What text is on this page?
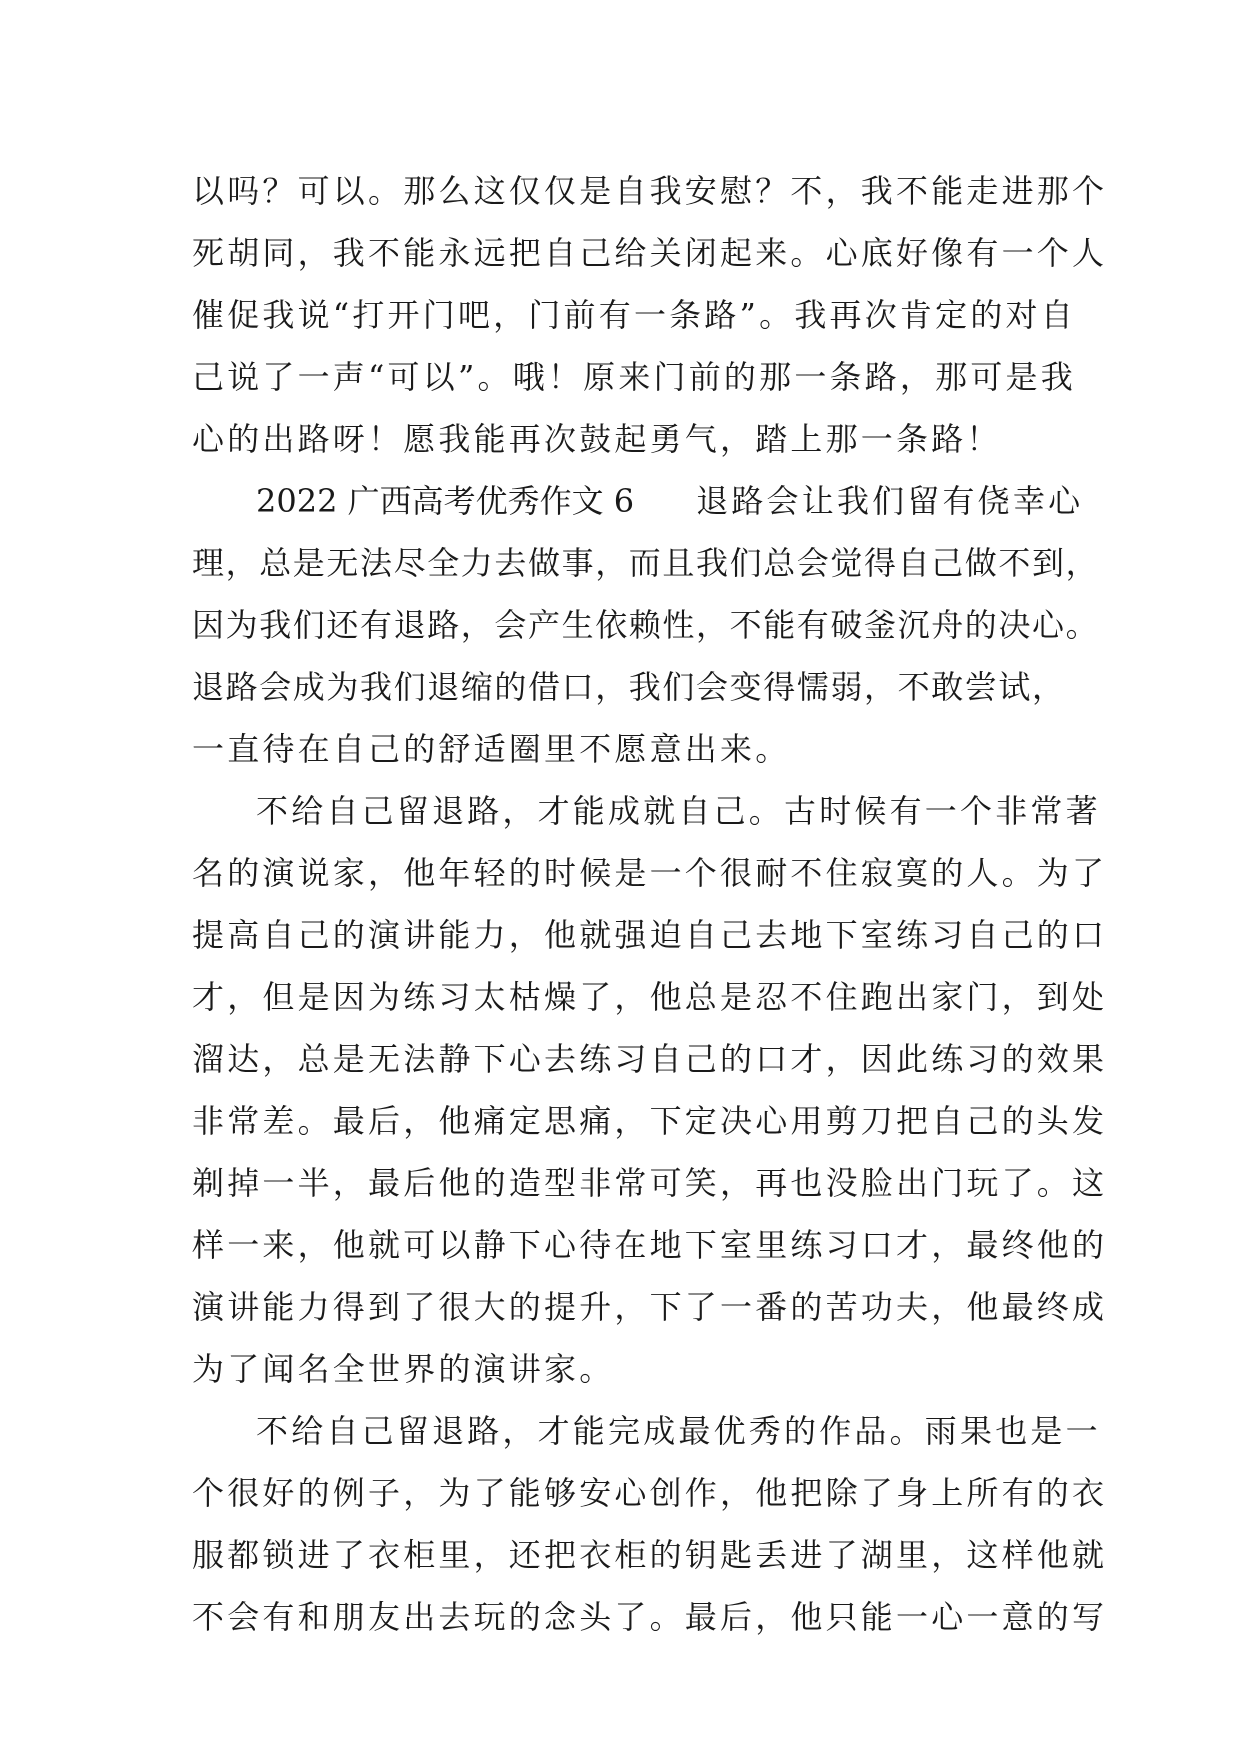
以吗？可以。那么这仅仅是自我安慰？不，我不能走进那个
死胡同，我不能永远把自己给关闭起来。心底好像有一个人
催促我说“打开门吧，门前有一条路”。我再次肯定的对自
己说了一声“可以”。哦！原来门前的那一条路，那可是我
心的出路呀！愿我能再次鼓起勇气，踏上那一条路！
2022 广西高考优秀作文 6 退路会让我们留有侥幸心
理，总是无法尽全力去做事，而且我们总会觉得自己做不到，
因为我们还有退路，会产生依赖性，不能有破釜沉舟的决心。
退路会成为我们退缩的借口，我们会变得懦弱，不敢尝试，
一直待在自己的舒适圈里不愿意出来。
不给自己留退路，才能成就自己。古时候有一个非常著
名的演说家，他年轻的时候是一个很耐不住寂寞的人。为了
提高自己的演讲能力，他就强迫自己去地下室练习自己的口
才，但是因为练习太枯燥了，他总是忍不住跑出家门，到处
溜达，总是无法静下心去练习自己的口才，因此练习的效果
非常差。最后，他痛定思痛，下定决心用剪刀把自己的头发
剃掉一半，最后他的造型非常可笑，再也没脸出门玩了。这
样一来，他就可以静下心待在地下室里练习口才，最终他的
演讲能力得到了很大的提升，下了一番的苦功夫，他最终成
为了闻名全世界的演讲家。
不给自己留退路，才能完成最优秀的作品。雨果也是一
个很好的例子，为了能够安心创作，他把除了身上所有的衣
服都锁进了衣柜里，还把衣柜的钥匙丢进了湖里，这样他就
不会有和朋友出去玩的念头了。最后，他只能一心一意的写
